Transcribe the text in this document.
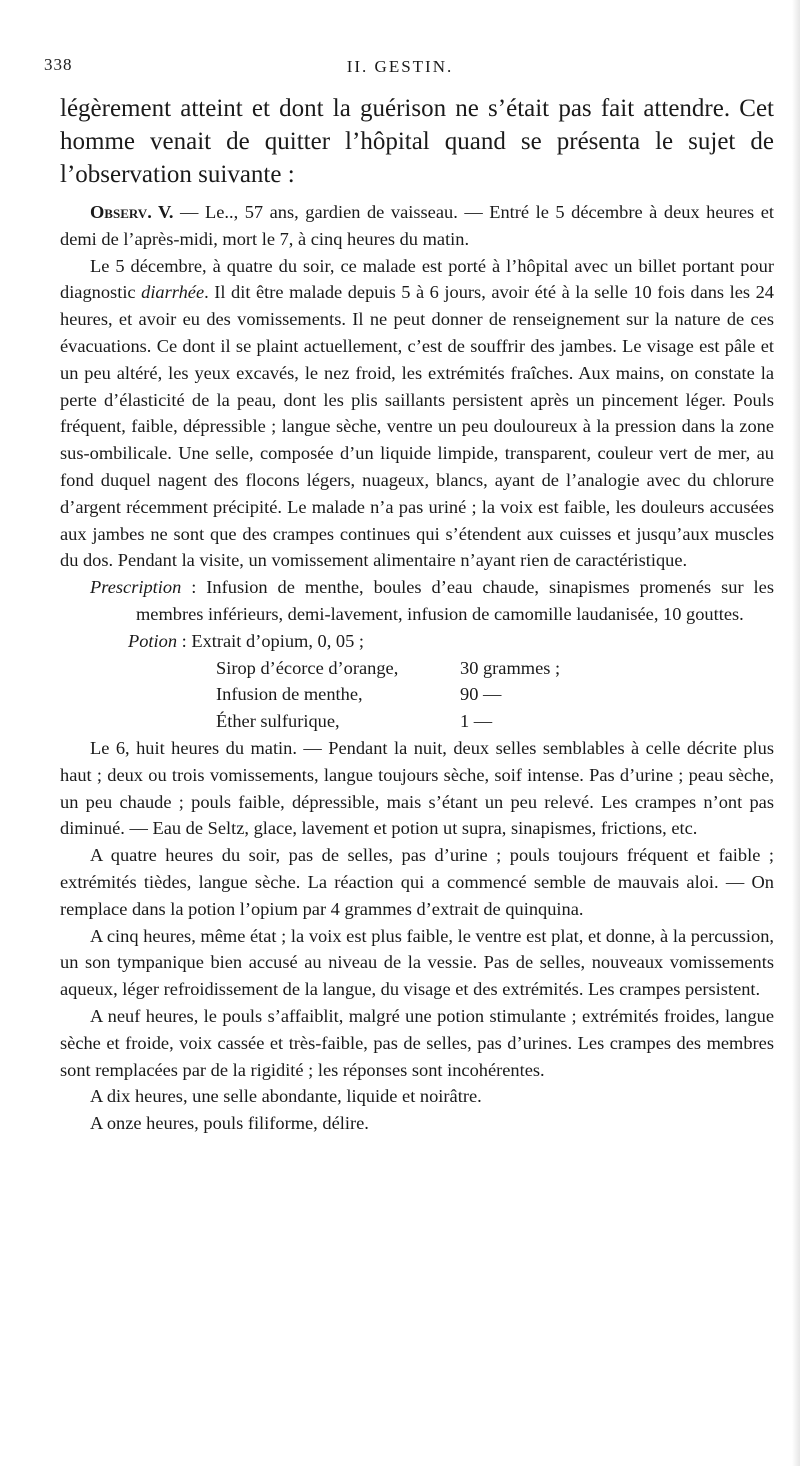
338	II. GESTIN.

légèrement atteint et dont la guérison ne s’était pas fait attendre. Cet homme venait de quitter l’hôpital quand se présenta le sujet de l’observation suivante :

Observ. V. — Le.., 57 ans, gardien de vaisseau. — Entré le 5 décembre à deux heures et demi de l’après-midi, mort le 7, à cinq heures du matin.

Le 5 décembre, à quatre du soir, ce malade est porté à l’hôpital avec un billet portant pour diagnostic diarrhée. Il dit être malade depuis 5 à 6 jours, avoir été à la selle 10 fois dans les 24 heures, et avoir eu des vomissements. Il ne peut donner de renseignement sur la nature de ces évacuations. Ce dont il se plaint actuellement, c’est de souffrir des jambes. Le visage est pâle et un peu altéré, les yeux excavés, le nez froid, les extrémités fraîches. Aux mains, on constate la perte d’élasticité de la peau, dont les plis saillants persistent après un pincement léger. Pouls fréquent, faible, dépressible ; langue sèche, ventre un peu douloureux à la pression dans la zone sus-ombilicale. Une selle, composée d’un liquide limpide, transparent, couleur vert de mer, au fond duquel nagent des flocons légers, nuageux, blancs, ayant de l’analogie avec du chlorure d’argent récemment précipité. Le malade n’a pas uriné ; la voix est faible, les douleurs accusées aux jambes ne sont que des crampes continues qui s’étendent aux cuisses et jusqu’aux muscles du dos. Pendant la visite, un vomissement alimentaire n’ayant rien de caractéristique.

Prescription : Infusion de menthe, boules d’eau chaude, sinapismes promenés sur les membres inférieurs, demi-lavement, infusion de camomille laudanisée, 10 gouttes.

Potion : Extrait d’opium, 0, 05 ;
Sirop d’écorce d’orange,	30 grammes ;
Infusion de menthe,	90 —
Éther sulfurique,	1 —

Le 6, huit heures du matin. — Pendant la nuit, deux selles semblables à celle décrite plus haut ; deux ou trois vomissements, langue toujours sèche, soif intense. Pas d’urine ; peau sèche, un peu chaude ; pouls faible, dépressible, mais s’étant un peu relevé. Les crampes n’ont pas diminué. — Eau de Seltz, glace, lavement et potion ut supra, sinapismes, frictions, etc.

A quatre heures du soir, pas de selles, pas d’urine ; pouls toujours fréquent et faible ; extrémités tièdes, langue sèche. La réaction qui a commencé semble de mauvais aloi. — On remplace dans la potion l’opium par 4 grammes d’extrait de quinquina.

A cinq heures, même état ; la voix est plus faible, le ventre est plat, et donne, à la percussion, un son tympanique bien accusé au niveau de la vessie. Pas de selles, nouveaux vomissements aqueux, léger refroidissement de la langue, du visage et des extrémités. Les crampes persistent.

A neuf heures, le pouls s’affaiblit, malgré une potion stimulante ; extrémités froides, langue sèche et froide, voix cassée et très-faible, pas de selles, pas d’urines. Les crampes des membres sont remplacées par de la rigidité ; les réponses sont incohérentes.

A dix heures, une selle abondante, liquide et noirâtre.

A onze heures, pouls filiforme, délire.
